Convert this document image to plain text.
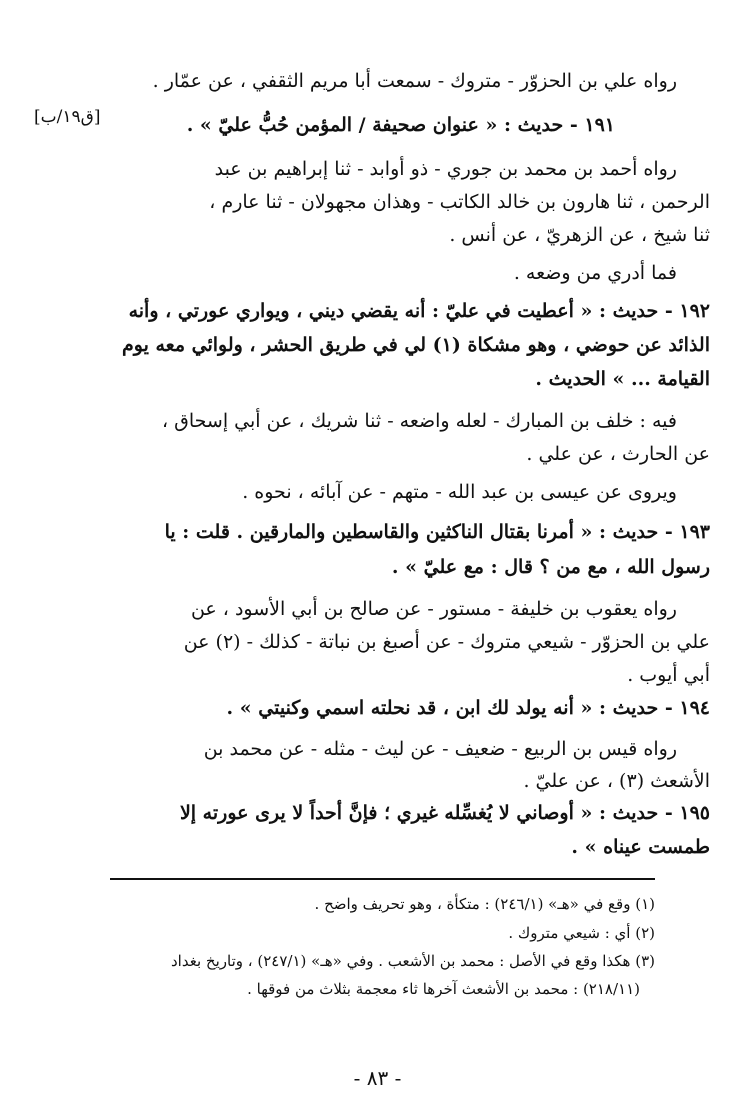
[ق١٩/ب]
رواه علي بن الحزوّر - متروك - سمعت أبا مريم الثقفي ، عن عمّار .
١٩١ - حديث : « عنوان صحيفة / المؤمن حُبُّ عليّ » .
رواه أحمد بن محمد بن جوري - ذو أوابد - ثنا إبراهيم بن عبد
الرحمن ، ثنا هارون بن خالد الكاتب - وهذان مجهولان - ثنا عارم ،
ثنا شيخ ، عن الزهريّ ، عن أنس .
فما أدري من وضعه .
١٩٢ - حديث : « أعطيت في عليّ : أنه يقضي ديني ، ويواري عورتي ، وأنه
الذائد عن حوضي ، وهو مشكاة (١) لي في طريق الحشر ، ولوائي معه يوم
القيامة ... » الحديث .
فيه : خلف بن المبارك - لعله واضعه - ثنا شريك ، عن أبي إسحاق ،
عن الحارث ، عن علي .
ويروى عن عيسى بن عبد الله - متهم - عن آبائه ، نحوه .
١٩٣ - حديث : « أمرنا بقتال الناكثين والقاسطين والمارقين . قلت : يا
رسول الله ، مع من ؟ قال : مع عليّ » .
رواه يعقوب بن خليفة - مستور - عن صالح بن أبي الأسود ، عن
علي بن الحزوّر - شيعي متروك - عن أصبغ بن نباتة - كذلك - (٢) عن
أبي أيوب .
١٩٤ - حديث : « أنه يولد لك ابن ، قد نحلته اسمي وكنيتي » .
رواه قيس بن الربيع - ضعيف - عن ليث - مثله - عن محمد بن
الأشعث (٣) ، عن عليّ .
١٩٥ - حديث : « أوصاني لا يُغسِّله غيري ؛ فإنَّ أحداً لا يرى عورته إلا
طمست عيناه » .
(١) وقع في «هـ» (٢٤٦/١) : متكأة ، وهو تحريف واضح .
(٢) أي : شيعي متروك .
(٣) هكذا وقع في الأصل : محمد بن الأشعب . وفي «هـ» (٢٤٧/١) ، وتاريخ بغداد
(٢١٨/١١) : محمد بن الأشعث آخرها ثاء معجمة بثلاث من فوقها .
- ٨٣ -
